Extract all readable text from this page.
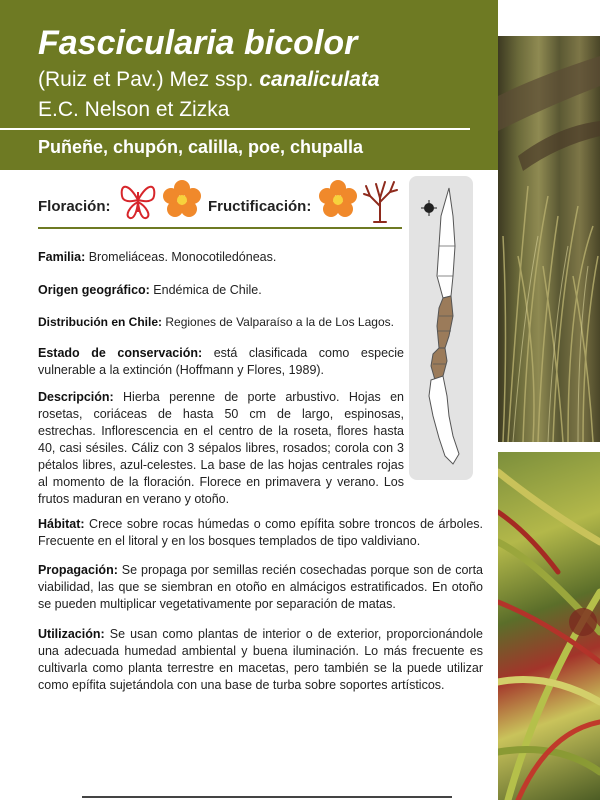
Fascicularia bicolor
(Ruiz et Pav.) Mez ssp. canaliculata
E.C. Nelson et Zizka
Puñeñe, chupón, calilla, poe, chupalla
Floración:	Fructificación:

Familia: Bromeliáceas. Monocotiledóneas.

Origen geográfico: Endémica de Chile.

Distribución en Chile: Regiones de Valparaíso a la de Los Lagos.

Estado de conservación: está clasificada como especie vulnerable a la extinción (Hoffmann y Flores, 1989).

Descripción: Hierba perenne de porte arbustivo. Hojas en rosetas, coriáceas de hasta 50 cm de largo, espinosas, estrechas. Inflorescencia en el centro de la roseta, flores hasta 40, casi sésiles. Cáliz con 3 sépalos libres, rosados; corola con 3 pétalos libres, azul-celestes. La base de las hojas centrales rojas al momento de la floración. Florece en primavera y verano. Los frutos maduran en verano y otoño.

Hábitat: Crece sobre rocas húmedas o como epífita sobre troncos de árboles. Frecuente en el litoral y en los bosques templados de tipo valdiviano.

Propagación: Se propaga por semillas recién cosechadas porque son de corta viabilidad, las que se siembran en otoño en almácigos estratificados. En otoño se pueden multiplicar vegetativamente por separación de matas.

Utilización: Se usan como plantas de interior o de exterior, proporcionándole una adecuada humedad ambiental y buena iluminación. Lo más frecuente es cultivarla como planta terrestre en macetas, pero también se la puede utilizar como epífita sujetándola con una base de turba sobre soportes artísticos.
